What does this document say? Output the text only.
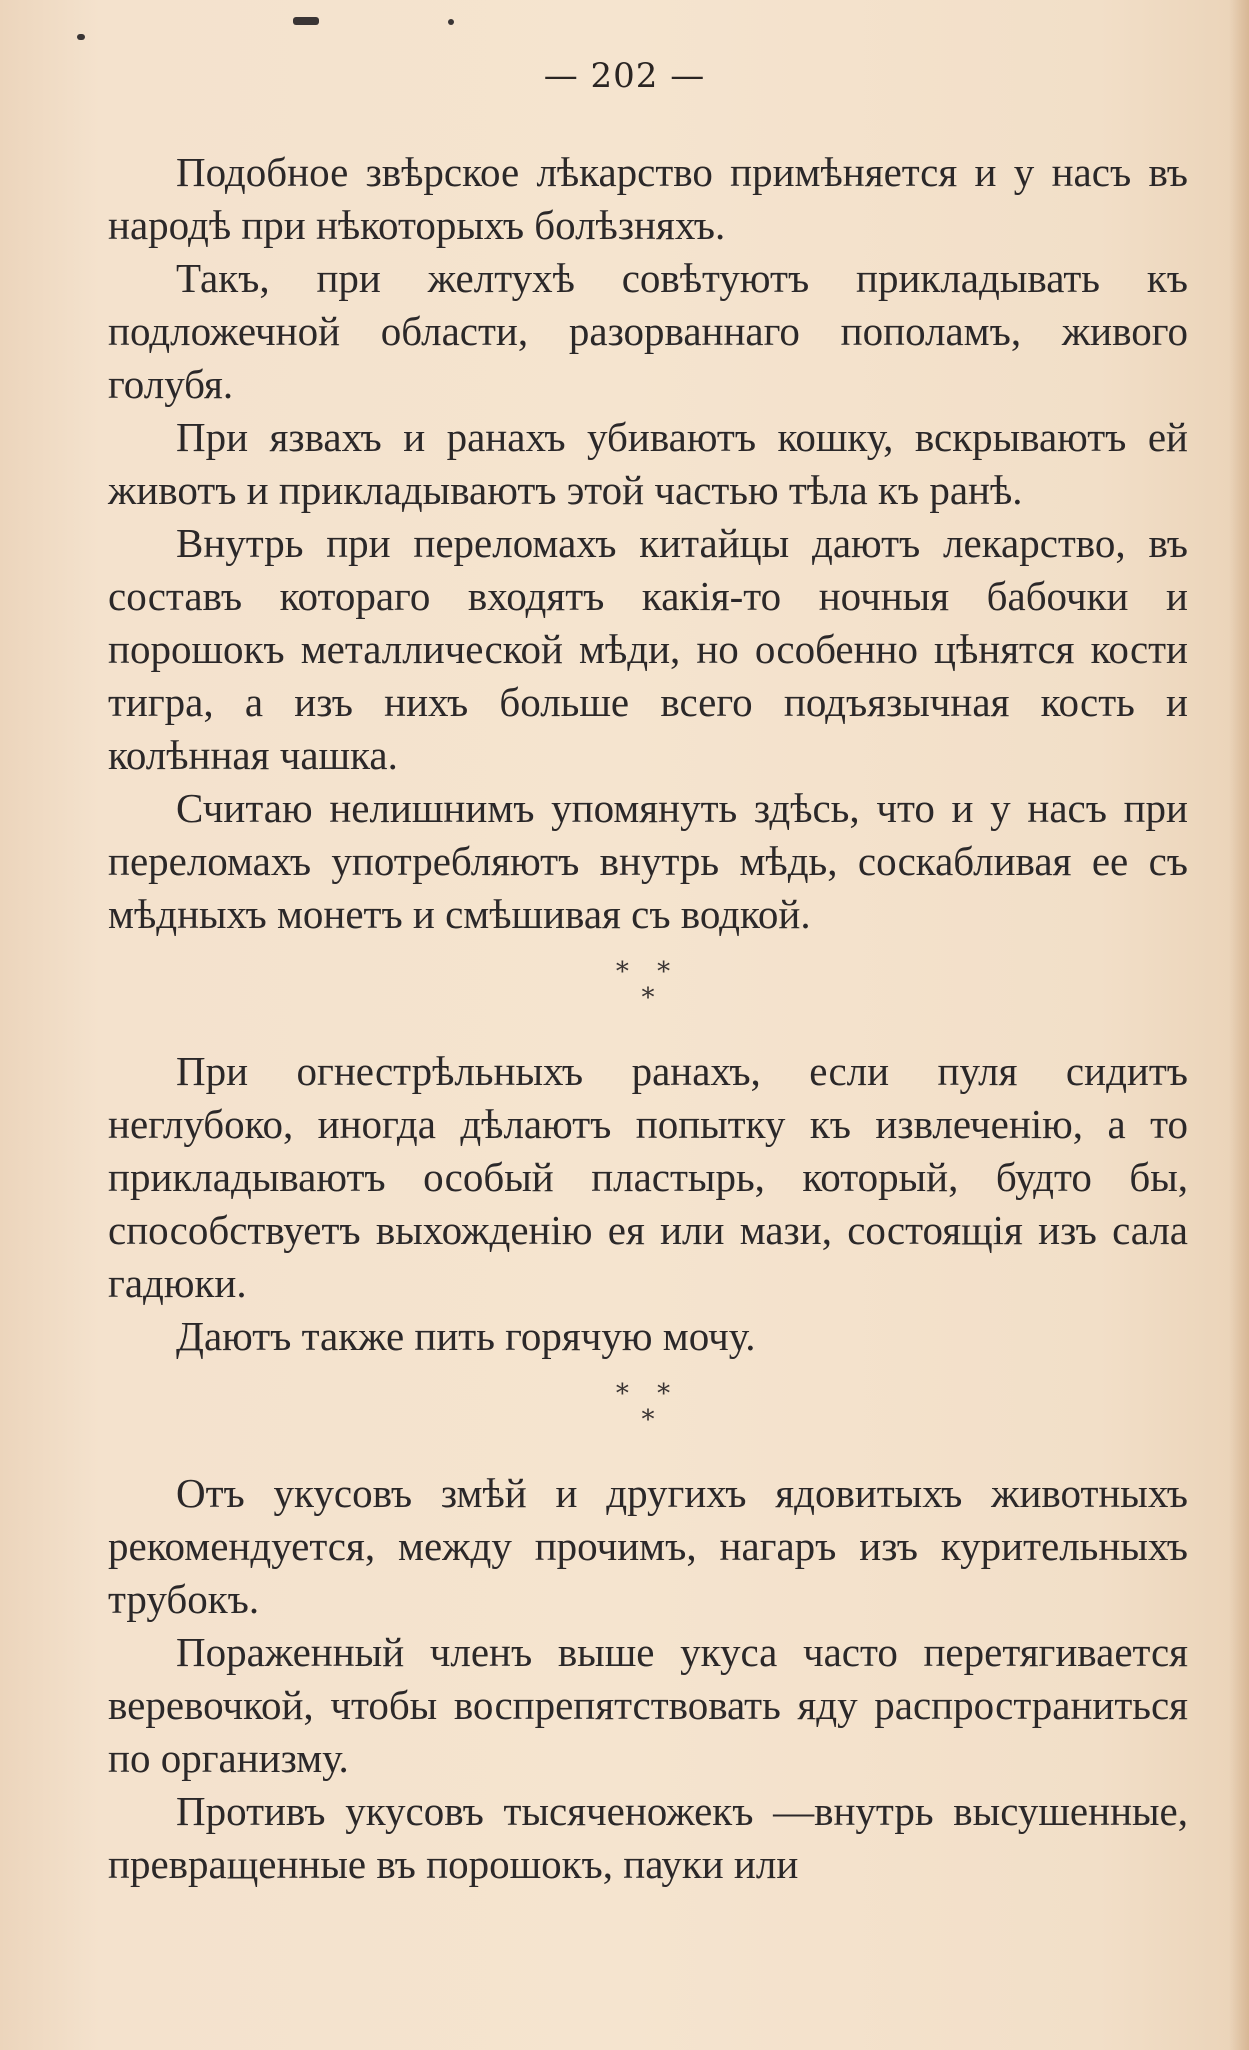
— 202 —

Подобное звѣрское лѣкарство примѣняется и у насъ въ народѣ при нѣкоторыхъ болѣзняхъ.

Такъ, при желтухѣ совѣтуютъ прикладывать къ подложечной области, разорваннаго пополамъ, живого голубя.

При язвахъ и ранахъ убиваютъ кошку, вскрываютъ ей животъ и прикладываютъ этой частью тѣла къ ранѣ.

Внутрь при переломахъ китайцы даютъ лекарство, въ составъ котораго входятъ какія-то ночныя бабочки и порошокъ металлической мѣди, но особенно цѣнятся кости тигра, а изъ нихъ больше всего подъязычная кость и колѣнная чашка.

Считаю нелишнимъ упомянуть здѣсь, что и у насъ при переломахъ употребляютъ внутрь мѣдь, соскабливая ее съ мѣдныхъ монетъ и смѣшивая съ водкой.

* *
*

При огнестрѣльныхъ ранахъ, если пуля сидитъ неглубоко, иногда дѣлаютъ попытку къ извлеченію, а то прикладываютъ особый пластырь, который, будто бы, способствуетъ выхожденію ея или мази, состоящія изъ сала гадюки.

Даютъ также пить горячую мочу.

* *
*

Отъ укусовъ змѣй и другихъ ядовитыхъ животныхъ рекомендуется, между прочимъ, нагаръ изъ курительныхъ трубокъ.

Пораженный членъ выше укуса часто перетягивается веревочкой, чтобы воспрепятствовать яду распространиться по организму.

Противъ укусовъ тысяченожекъ —внутрь высушенные, превращенные въ порошокъ, пауки или
